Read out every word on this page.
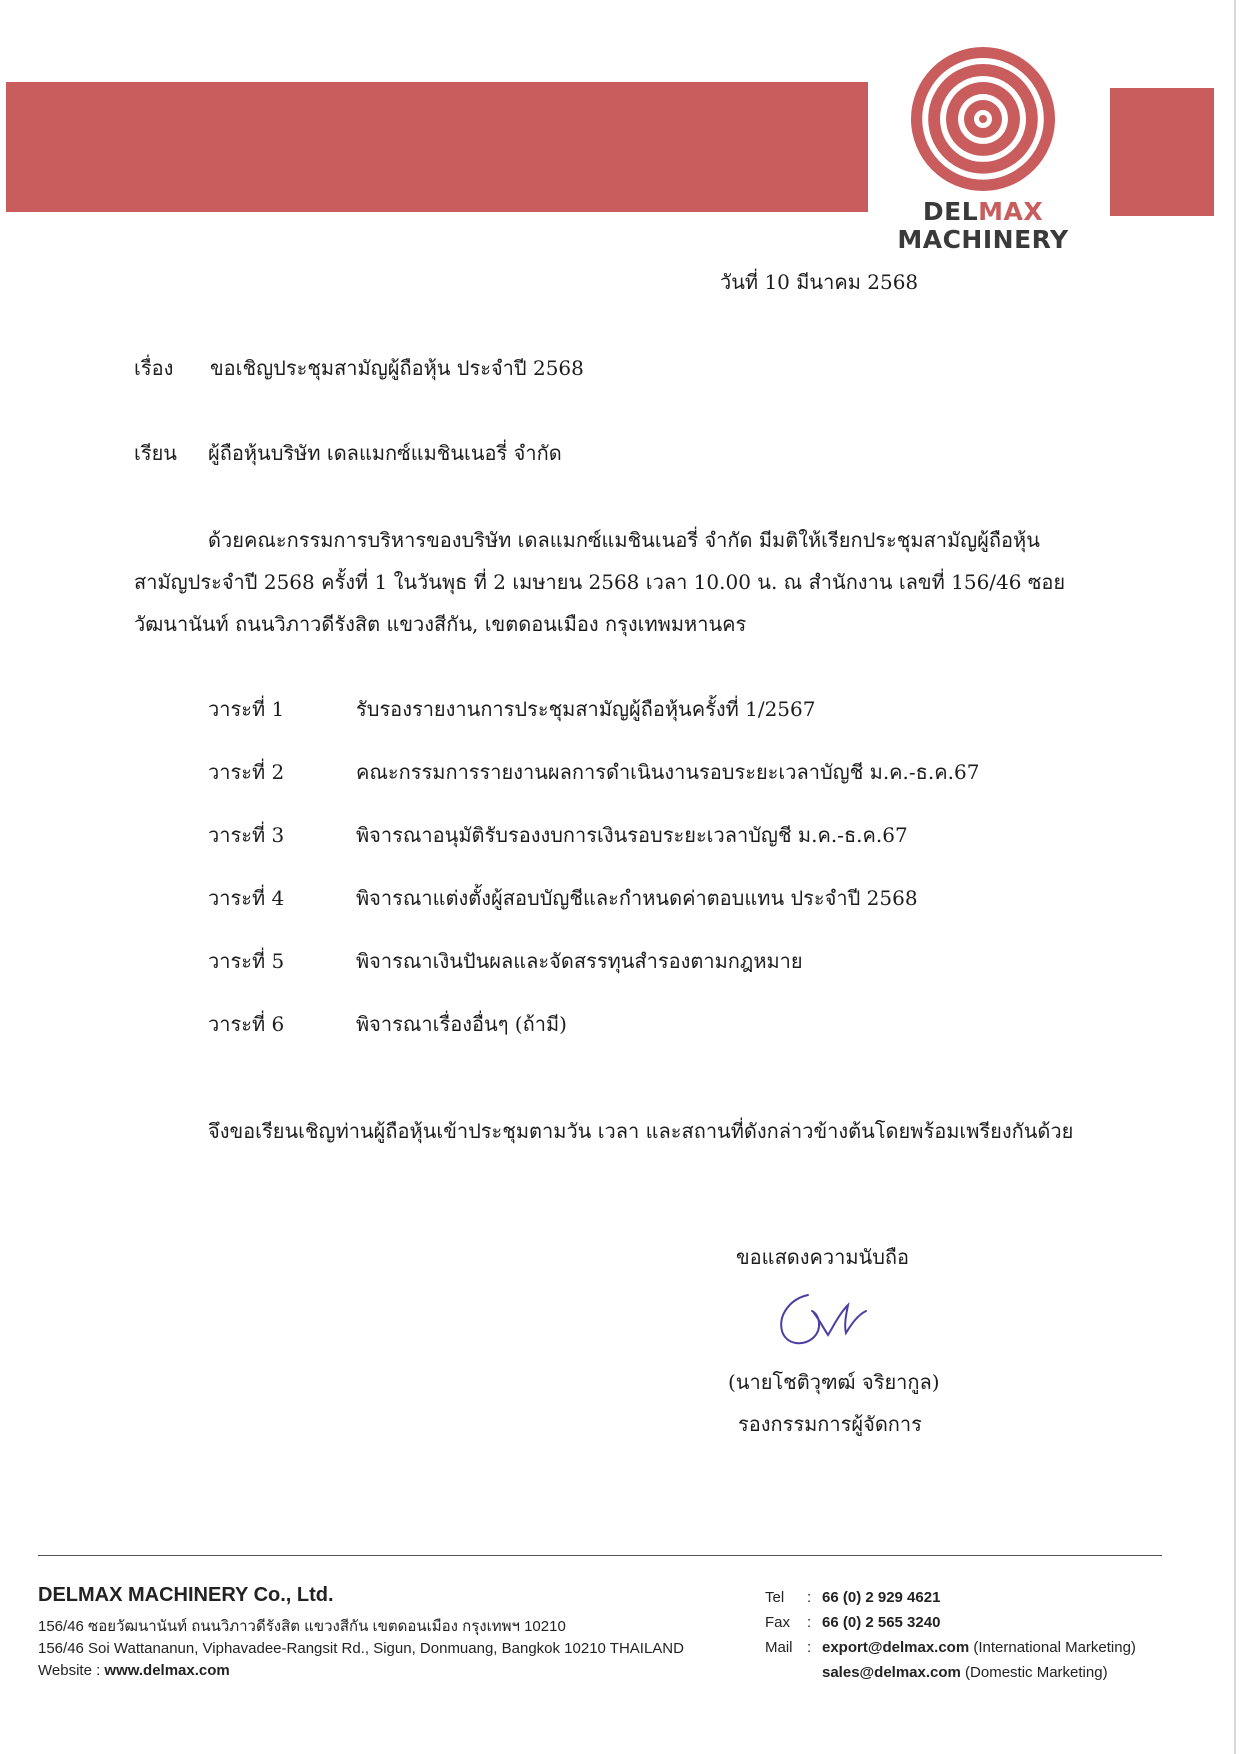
DELMAX
MACHINERY
วันที่ 10 มีนาคม 2568
เรื่อง ขอเชิญประชุมสามัญผู้ถือหุ้น ประจำปี 2568
เรียน ผู้ถือหุ้นบริษัท เดลแมกซ์แมชินเนอรี่ จำกัด
ด้วยคณะกรรมการบริหารของบริษัท เดลแมกซ์แมชินเนอรี่ จำกัด มีมติให้เรียกประชุมสามัญผู้ถือหุ้น
สามัญประจำปี 2568 ครั้งที่ 1 ในวันพุธ ที่ 2 เมษายน 2568 เวลา 10.00 น. ณ สำนักงาน เลขที่ 156/46 ซอย
วัฒนานันท์ ถนนวิภาวดีรังสิต แขวงสีกัน, เขตดอนเมือง กรุงเทพมหานคร
วาระที่ 1	รับรองรายงานการประชุมสามัญผู้ถือหุ้นครั้งที่ 1/2567
วาระที่ 2	คณะกรรมการรายงานผลการดำเนินงานรอบระยะเวลาบัญชี ม.ค.-ธ.ค.67
วาระที่ 3	พิจารณาอนุมัติรับรองงบการเงินรอบระยะเวลาบัญชี ม.ค.-ธ.ค.67
วาระที่ 4	พิจารณาแต่งตั้งผู้สอบบัญชีและกำหนดค่าตอบแทน ประจำปี 2568
วาระที่ 5	พิจารณาเงินปันผลและจัดสรรทุนสำรองตามกฎหมาย
วาระที่ 6	พิจารณาเรื่องอื่นๆ (ถ้ามี)
จึงขอเรียนเชิญท่านผู้ถือหุ้นเข้าประชุมตามวัน เวลา และสถานที่ดังกล่าวข้างต้นโดยพร้อมเพรียงกันด้วย
ขอแสดงความนับถือ
(นายโชติวุฑฒ์ จริยากูล)
รองกรรมการผู้จัดการ
DELMAX MACHINERY Co., Ltd.
156/46 ซอยวัฒนานันท์ ถนนวิภาวดีรังสิต แขวงสีกัน เขตดอนเมือง กรุงเทพฯ 10210
156/46 Soi Wattananun, Viphavadee-Rangsit Rd., Sigun, Donmuang, Bangkok 10210 THAILAND
Website : www.delmax.com
Tel : 66 (0) 2 929 4621
Fax : 66 (0) 2 565 3240
Mail : export@delmax.com (International Marketing)
sales@delmax.com (Domestic Marketing)
